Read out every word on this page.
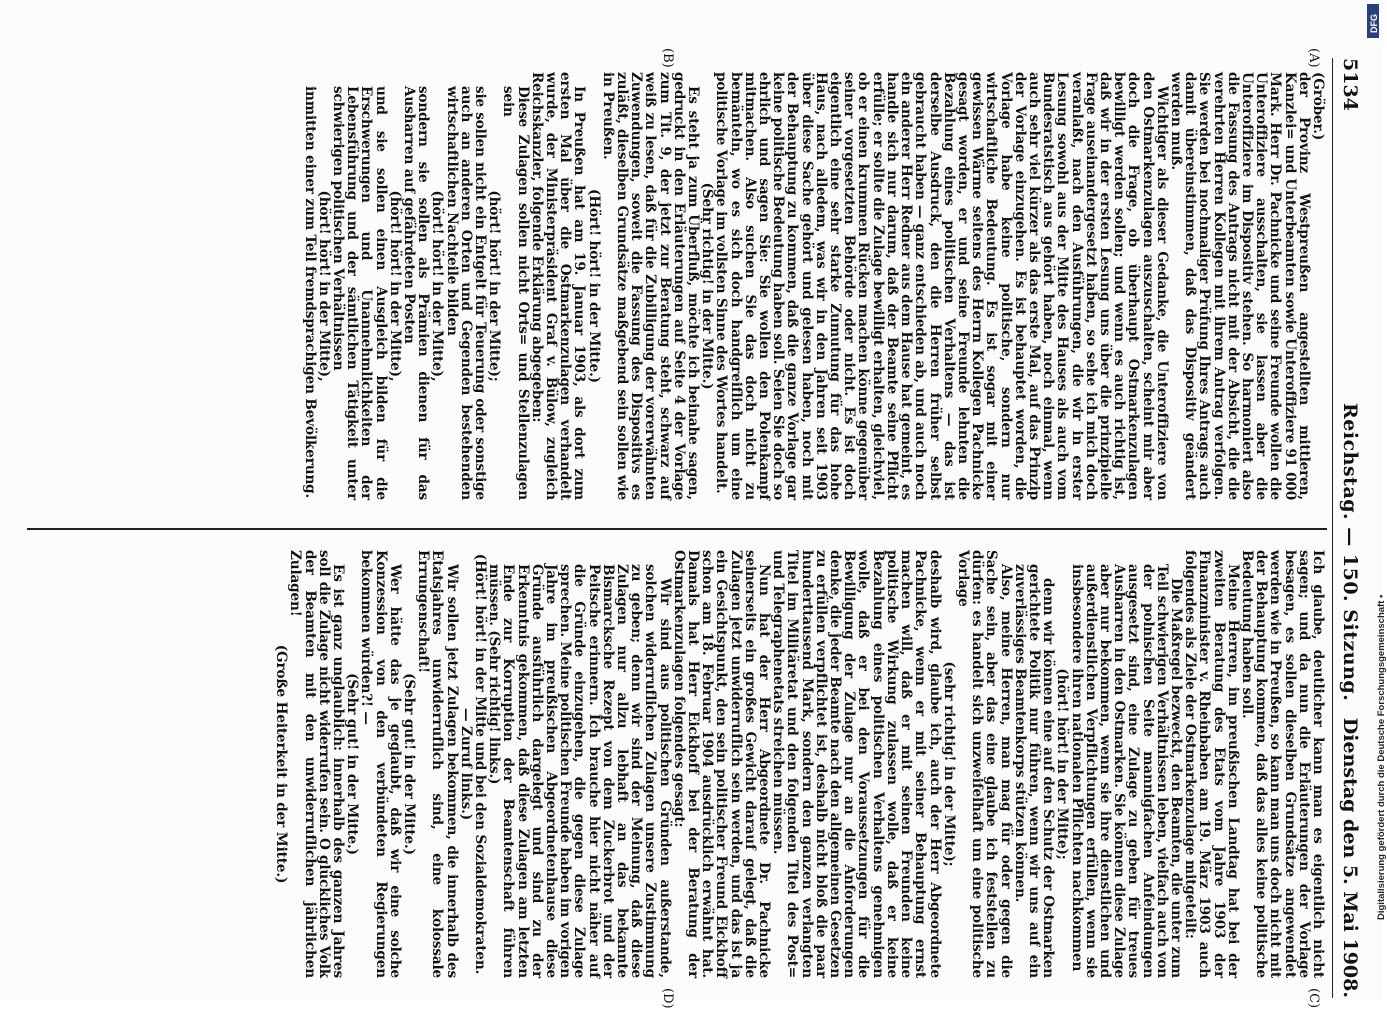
5134
Reichstag. — 150. Sitzung.
Dienstag den 5. Mai 1908.
(A)
(B)
(C)
(D)

(Gröber.)

der Provinz Westpreußen angestellten mittleren, Kanzlei= und Unterbeamten sowie Unteroffiziere 91 000 Mark. Herr Dr. Pachnicke und seine Freunde wollen die Unteroffiziere ausschalten, sie lassen aber die Unteroffiziere im Dispositiv stehen. So harmoniert also die Fassung des Antrags nicht mit der Absicht, die die verehrten Herren Kollegen mit ihrem Antrag verfolgen. Sie werden bei nochmaliger Prüfung Ihres Antrags auch damit übereinstimmen, daß das Dispositiv geändert werden muß.

Wichtiger als dieser Gedanke, die Unteroffiziere von den Ostmarkenzulagen auszuschalten, scheint mir aber doch die Frage, ob überhaupt Ostmarkenzulagen bewilligt werden sollen; und wenn es auch richtig ist, daß wir in der ersten Lesung uns über die prinzipielle Frage auseinandergesetzt haben, so sehe ich mich doch veranlaßt, nach den Ausführungen, die wir in erster Lesung sowohl aus der Mitte des Hauses als auch vom Bundesratstisch aus gehört haben, noch einmal, wenn auch sehr viel kürzer als das erste Mal, auf das Prinzip der Vorlage einzugehen. Es ist behauptet worden, die Vorlage habe keine politische, sondern nur wirtschaftliche Bedeutung. Es ist sogar mit einer gewissen Wärme seitens des Herrn Kollegen Pachnicke gesagt worden, er und seine Freunde lehnten die Bezahlung eines politischen Verhaltens — das ist derselbe Ausdruck, den die Herren früher selbst gebraucht haben — ganz entschieden ab, und auch noch ein anderer Herr Redner aus dem Hause hat gemeint, es handle sich nur darum, daß der Beamte seine Pflicht erfülle; er sollte die Zulage bewilligt erhalten, gleichviel, ob er einen krummen Rücken machen könne gegenüber seiner vorgesetzten Behörde oder nicht. Es ist doch eigentlich eine sehr starke Zumutung für das hohe Haus, nach alledem, was wir in den Jahren seit 1903 über diese Sache gehört und gelesen haben, noch mit der Behauptung zu kommen, daß die ganze Vorlage gar keine politische Bedeutung haben soll. Seien Sie doch so ehrlich und sagen Sie: Sie wollen den Polenkampf mitmachen. Also suchen Sie das doch nicht zu bemänteln, wo es sich doch handgreiflich um eine politische Vorlage im vollsten Sinne des Wortes handelt.

(Sehr richtig! in der Mitte.)

Es steht ja zum Überfluß, möchte ich beinahe sagen, gedruckt in den Erläuterungen auf Seite 4 der Vorlage zum Tit. 9, der jetzt zur Beratung steht, schwarz auf weiß zu lesen, daß für die Zubilligung der vorerwähnten Zuwendungen, soweit die Fassung des Dispositivs es zuläßt, dieselben Grundsätze maßgebend sein sollen wie in Preußen.

(Hört! hört! in der Mitte.)

In Preußen hat am 19. Januar 1903, als dort zum ersten Mal über die Ostmarkenzulagen verhandelt wurde, der Ministerpräsident Graf v. Bülow, zugleich Reichskanzler, folgende Erklärung abgegeben:

Diese Zulagen sollen nicht Orts= und Stellenzulagen sein

(hört! hört! in der Mitte);

sie sollen nicht ein Entgelt für Teuerung oder sonstige auch an anderen Orten und Gegenden bestehenden wirtschaftlichen Nachteile bilden

(hört! hört! in der Mitte),

sondern sie sollen als Prämien dienen für das Ausharren auf gefährdeten Posten

(hört! hört! in der Mitte),

und sie sollen einen Ausgleich bilden für die Erschwerungen und Unannehmlichkeiten der Lebensführung und der sämtlichen Tätigkeit unter schwierigen politischen Verhältnissen

(hört! hört! in der Mitte),

inmitten einer zum Teil fremdsprachigen Bevölkerung.

Ich glaube, deutlicher kann man es eigentlich nicht sagen; und da nun die Erläuterungen der Vorlage besagen, es sollen dieselben Grundsätze angewendet werden wie in Preußen, so kann man uns doch nicht mit der Behauptung kommen, daß das alles keine politische Bedeutung haben soll.

Meine Herren, im preußischen Landtag hat bei der zweiten Beratung des Etats vom Jahre 1903 der Finanzminister v. Rheinbaben am 19. März 1903 auch folgendes als Ziele der Ostmarkenzulage mitgeteilt:

Die Maßregel bezweckt, den Beamten, die unter zum Teil schwierigen Verhältnissen leben, vielfach auch von der polnischen Seite mannigfachen Anfeindungen ausgesetzt sind, eine Zulage zu geben für treues Ausharren in den Ostmarken. Sie können diese Zulage aber nur bekommen, wenn sie ihre dienstlichen und außerdienstlichen Verpflichtungen erfüllen, wenn sie insbesondere ihren nationalen Pflichten nachkommen

(hört! hört! in der Mitte);

denn wir können eine auf den Schutz der Ostmarken gerichtete Politik nur führen, wenn wir uns auf ein zuverlässiges Beamtenkorps stützen können.

Also, meine Herren, man mag für oder gegen die Sache sein, aber das eine glaube ich feststellen zu dürfen: es handelt sich unzweifelhaft um eine politische Vorlage

(sehr richtig! in der Mitte);

deshalb wird, glaube ich, auch der Herr Abgeordnete Pachnicke, wenn er mit seiner Behauptung ernst machen will, daß er mit seinen Freunden keine politische Wirkung zulassen wolle, daß er keine Bezahlung eines politischen Verhaltens genehmigen wolle, daß er bei den Voraussetzungen für die Bewilligung der Zulage nur an die Anforderungen denke, die jeder Beamte nach den allgemeinen Gesetzen zu erfüllen verpflichtet ist, deshalb nicht bloß die paar hunderttausend Mark, sondern den ganzen verlangten Titel im Militäretat und den folgenden Titel des Post= und Telegraphenetats streichen müssen.

Nun hat der Herr Abgeordnete Dr. Pachnicke seinerseits ein großes Gewicht darauf gelegt, daß die Zulagen jetzt unwiderruflich sein werden, und das ist ja ein Gesichtspunkt, den sein politischer Freund Eickhoff schon am 18. Februar 1904 ausdrücklich erwähnt hat. Damals hat Herr Eickhoff bei der Beratung der Ostmarkenzulagen folgendes gesagt:

Wir sind aus politischen Gründen außerstande, solchen widerruflichen Zulagen unsere Zustimmung zu geben; denn wir sind der Meinung, daß diese Zulagen nur allzu lebhaft an das bekannte Bismarcksche Rezept von dem Zuckerbrot und der Peitsche erinnern. Ich brauche hier nicht näher auf die Gründe einzugehen, die gegen diese Zulage sprechen. Meine politischen Freunde haben im vorigen Jahre im preußischen Abgeordnetenhause diese Gründe ausführlich dargelegt und sind zu der Erkenntnis gekommen, daß diese Zulagen am letzten Ende zur Korruption der Beamtenschaft führen müssen. (Sehr richtig! links.)

(Hört! hört! in der Mitte und bei den Sozialdemokraten. — Zuruf links.)

Wir sollen jetzt Zulagen bekommen, die innerhalb des Etatsjahres unwiderruflich sind, eine kolossale Errungenschaft!

(Sehr gut! in der Mitte.)

Wer hätte das je geglaubt, daß wir eine solche Konzession von den verbündeten Regierungen bekommen würden?! —

(Sehr gut! in der Mitte.)

Es ist ganz unglaublich: innerhalb des ganzen Jahres soll die Zulage nicht widerrufen sein. O glückliches Volk der Beamten mit den unwiderruflichen jährlichen Zulagen!

(Große Heiterkeit in der Mitte.)

DFG
Digitalisierung gefördert durch die Deutsche Forschungsgemeinschaft •
